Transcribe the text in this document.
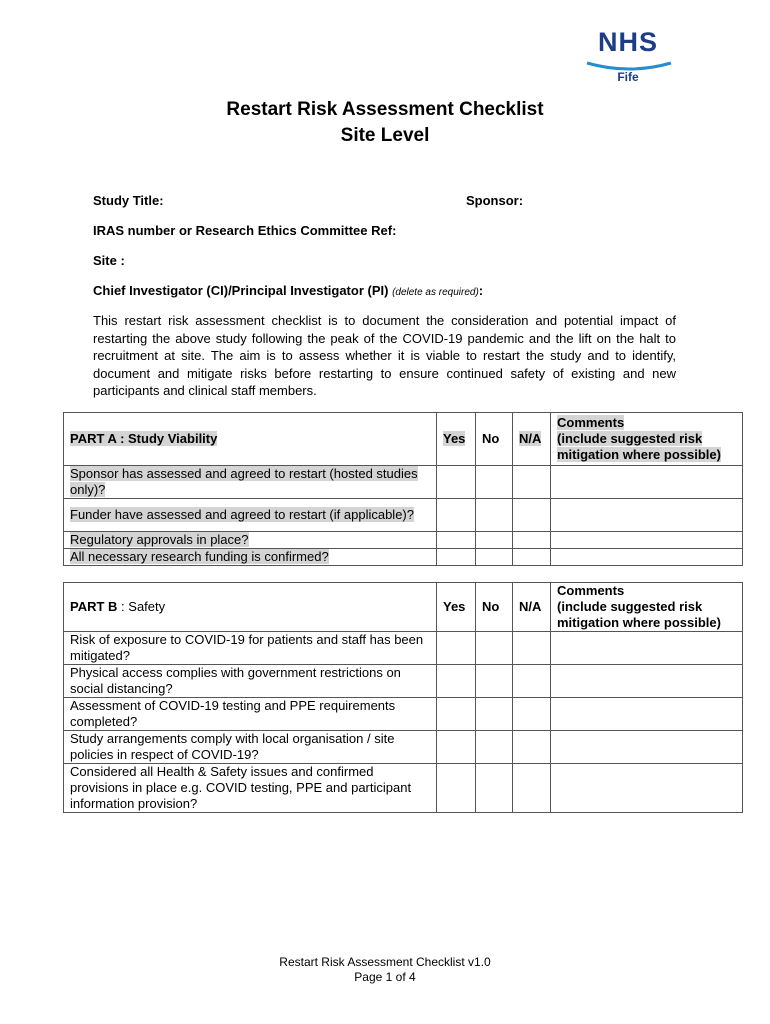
NHS
Fife
Restart Risk Assessment Checklist
Site Level
Study Title:	Sponsor:
IRAS number or Research Ethics Committee Ref:
Site :
Chief Investigator (CI)/Principal Investigator (PI) (delete as required):
This restart risk assessment checklist is to document the consideration and potential impact of restarting the above study following the peak of the COVID-19 pandemic and the lift on the halt to recruitment at site. The aim is to assess whether it is viable to restart the study and to identify, document and mitigate risks before restarting to ensure continued safety of existing and new participants and clinical staff members.
PART A : Study Viability	Yes	No	N/A	Comments
(include suggested risk mitigation where possible)
Sponsor has assessed and agreed to restart (hosted studies only)?				
Funder have assessed and agreed to restart (if applicable)?				
Regulatory approvals in place?				
All necessary research funding is confirmed?				
PART B : Safety	Yes	No	N/A	Comments
(include suggested risk mitigation where possible)
Risk of exposure to COVID-19 for patients and staff has been mitigated?				
Physical access complies with government restrictions on social distancing?				
Assessment of COVID-19 testing and PPE requirements completed?				
Study arrangements comply with local organisation / site policies in respect of COVID-19?				
Considered all Health & Safety issues and confirmed provisions in place e.g. COVID testing, PPE and participant information provision?				
Restart Risk Assessment Checklist v1.0
Page 1 of 4
